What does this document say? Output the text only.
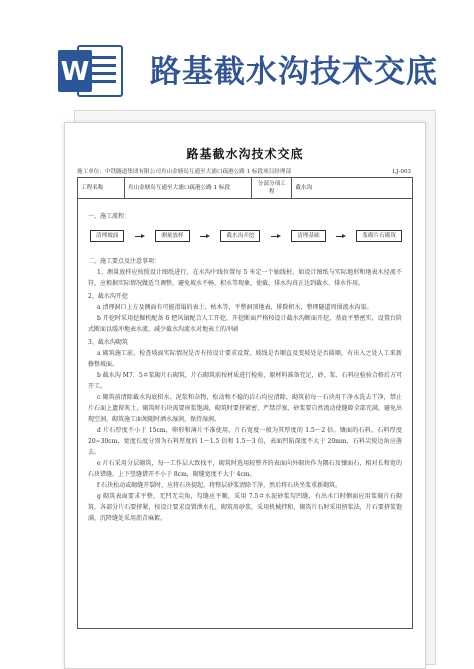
W 路基截水沟技术交底
路基截水沟技术交底
施工单位：中铁隧道集团有限公司舟山金塘岛互通至大浦口疏港公路 1 标段项目经理部	LJ-003
工程名称	舟山金塘岛互通至大浦口疏港公路 1 标段	分部分项工　程	截水沟
一、施工流程：
清理坡面	测量放样	截水沟开挖	清理基础	浆砌片石砌筑
二、施工要点及注意事项：
1、测量放样应按照设计图纸进行，在水沟中线位置每 5 米定一个轴线桩，如设计图纸与实际地形和地表水径流不符，应根据实际情况做适当调整，避免坡水不畅、积水等现象，使截、排水沟真正达到截水、排水作用。
2、截水沟开挖
a 清理洞口上方及侧面有可能滑塌的表土、枯木等，平整洞顶地表，排除积水，整理隧道周围流水沟渠。
b 开挖时采用挖掘机配备 6 把风镐配合人工开挖，开挖断面严格按设计截水沟断面开挖，基底平整密实，设置台阶式断面以缓冲地表水流，减少截水沟流水对地表土的冲刷
3、截水沟砌筑
a 砌筑施工前，检查坡面实际情况是否有按设计要求设置，坡线是否顺直及变坡处是否圆顺，有出入之处人工来新修整坡面。
b 截水沟 M7．5＃浆砌片石砌筑，片石砌筑前按材质进行检验，原材料准备充足，砂、浆、石料应检验合格后方可开工。
c 砌筑前清除截水沟底积水、泥浆和杂物，松动和不稳的岩石均应清除，砌筑前每一石块用干净水洗去干净，禁止片石面上遗留灰土，砌筑时石块需要座浆饱满，砌筑时要挤紧密，严禁浮塞，砂浆要自然流动使缝隙全部充满，避免出现空洞，砌筑施工面须随时洒水湿润，保持湿润。
d 片石厚度不小于 15cm，卵形和薄片不准使用，片石宽度一般为其厚度的 1.5～2 倍。镶面的石料，石料厚度 20~30cm，宽度长度分别为石料厚度的 1～1.5 倍和 1.5～3 倍，表面凹陷深度不大于 20mm，石料尖锐边角应凿去。
e 片石采用分层砌筑，每一工作层大致找平，砌筑时选用较整齐的表面向外砌块作为隅石及镶面石，相对长和宽的石块错缝，上下竖缝错开不小于 8cm，砌缝宽度不大于 4cm。
f 石块松动或砌缝开裂时，应将石块提起，将整层砂浆清除干净，然后将石块坐浆重新砌筑。
g 砌筑表面要求平整，无凹无尖角，勾缝应平顺，采用 7.5＃水泥砂浆勾凹缝，有出水口时侧面应用浆砌片石砌筑，各部分片石要挤紧，按设计要求设置泄水孔，砌筑用砂浆，采用机械拌和，砌筑片石时采用挤浆法，片石要挤浆饱满，沉降缝处采用沥青麻絮。
